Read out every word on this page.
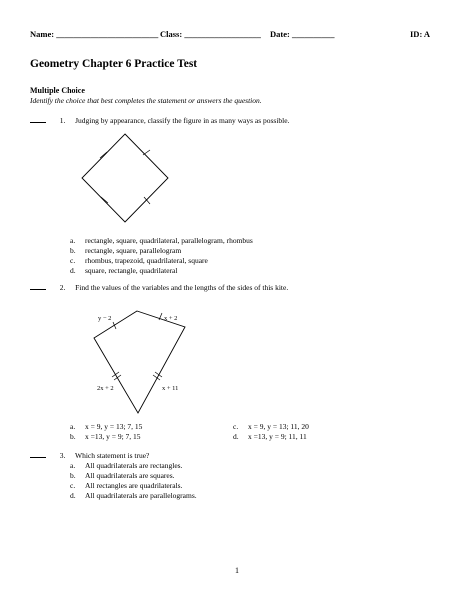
Name: ________________________ Class: __________________ Date: __________	ID: A
Geometry Chapter 6 Practice Test
Multiple Choice
Identify the choice that best completes the statement or answers the question.
1. Judging by appearance, classify the figure in as many ways as possible.
a. rectangle, square, quadrilateral, parallelogram, rhombus
b. rectangle, square, parallelogram
c. rhombus, trapezoid, quadrilateral, square
d. square, rectangle, quadrilateral
2. Find the values of the variables and the lengths of the sides of this kite.
y − 2	x + 2
2x + 2	x + 11
a. x = 9, y = 13; 7, 15
b. x =13, y = 9; 7, 15
c. x = 9, y = 13; 11, 20
d. x =13, y = 9; 11, 11
3. Which statement is true?
a. All quadrilaterals are rectangles.
b. All quadrilaterals are squares.
c. All rectangles are quadrilaterals.
d. All quadrilaterals are parallelograms.
1
